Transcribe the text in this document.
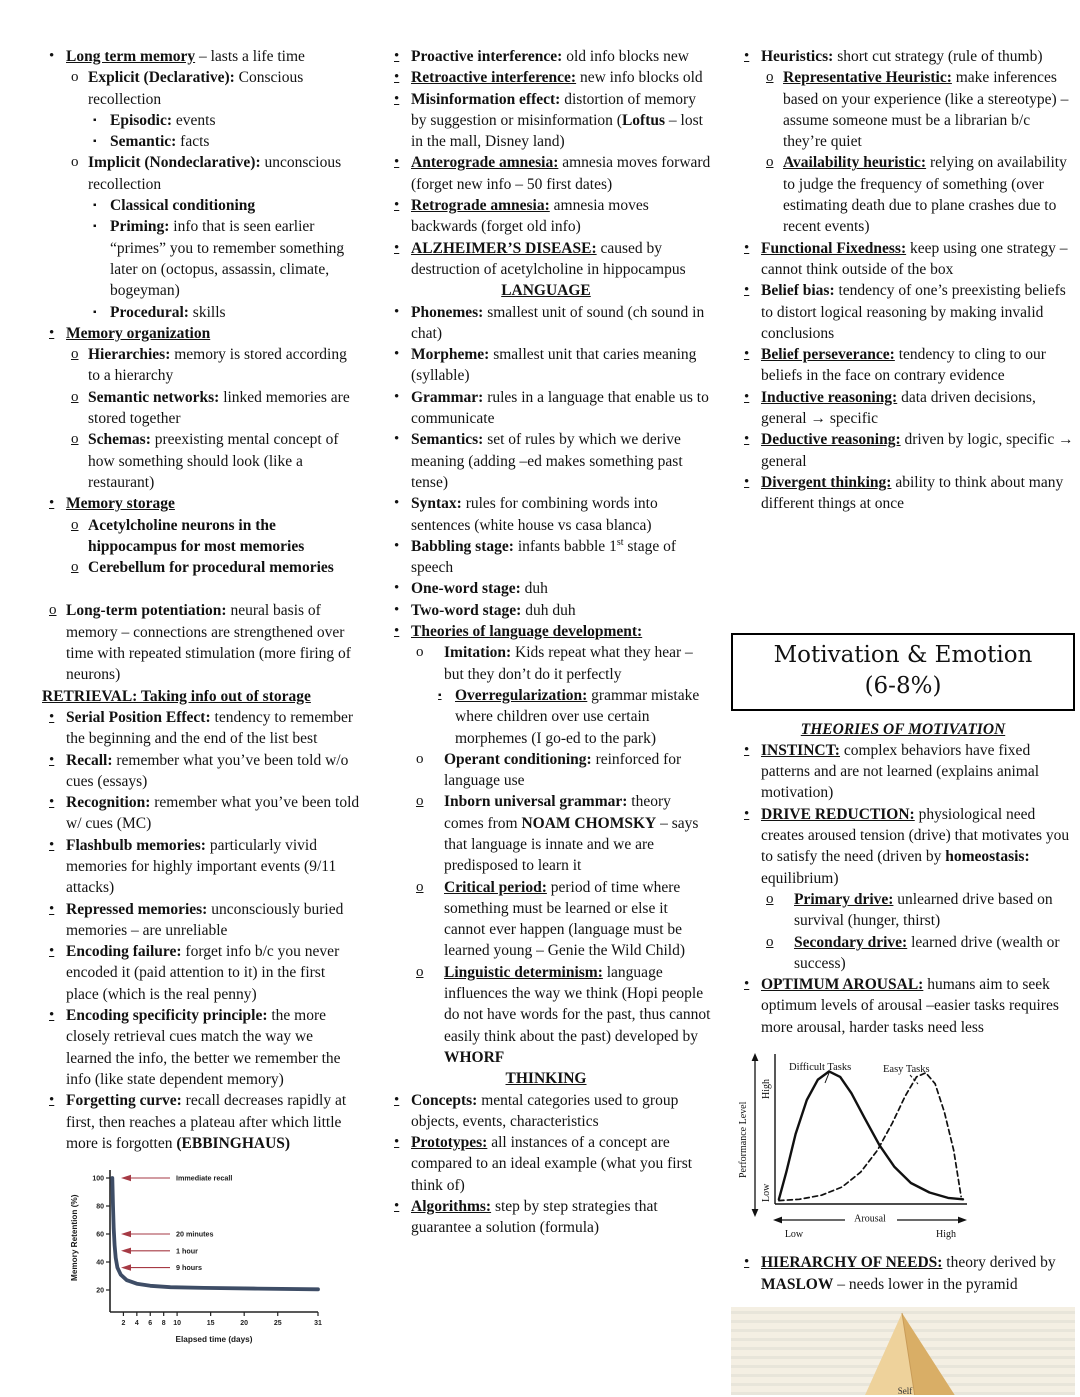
• Long term memory – lasts a life time
o Explicit (Declarative): Conscious recollection
▪ Episodic: events
▪ Semantic: facts
o Implicit (Nondeclarative): unconscious recollection
▪ Classical conditioning
▪ Priming: info that is seen earlier “primes” you to remember something later on (octopus, assassin, climate, bogeyman)
▪ Procedural: skills
• Memory organization
o Hierarchies: memory is stored according to a hierarchy
o Semantic networks: linked memories are stored together
o Schemas: preexisting mental concept of how something should look (like a restaurant)
• Memory storage
o Acetylcholine neurons in the hippocampus for most memories
o Cerebellum for procedural memories
o Long-term potentiation: neural basis of memory – connections are strengthened over time with repeated stimulation (more firing of neurons)
RETRIEVAL: Taking info out of storage
• Serial Position Effect: tendency to remember the beginning and the end of the list best
• Recall: remember what you’ve been told w/o cues (essays)
• Recognition: remember what you’ve been told w/ cues (MC)
• Flashbulb memories: particularly vivid memories for highly important events (9/11 attacks)
• Repressed memories: unconsciously buried memories – are unreliable
• Encoding failure: forget info b/c you never encoded it (paid attention to it) in the first place (which is the real penny)
• Encoding specificity principle: the more closely retrieval cues match the way we learned the info, the better we remember the info (like state dependent memory)
• Forgetting curve: recall decreases rapidly at first, then reaches a plateau after which little more is forgotten (EBBINGHAUS)
20
40
60
80
100
2 4 6 8 10	15	20	25	31
Immediate recall
20 minutes
1 hour
9 hours
Memory Retention (%)
Elapsed time (days)
• Proactive interference: old info blocks new
• Retroactive interference: new info blocks old
• Misinformation effect: distortion of memory by suggestion or misinformation (Loftus – lost in the mall, Disney land)
• Anterograde amnesia: amnesia moves forward (forget new info – 50 first dates)
• Retrograde amnesia: amnesia moves backwards (forget old info)
• ALZHEIMER’S DISEASE: caused by destruction of acetylcholine in hippocampus
LANGUAGE
• Phonemes: smallest unit of sound (ch sound in chat)
• Morpheme: smallest unit that caries meaning (syllable)
• Grammar: rules in a language that enable us to communicate
• Semantics: set of rules by which we derive meaning (adding –ed makes something past tense)
• Syntax: rules for combining words into sentences (white house vs casa blanca)
• Babbling stage: infants babble 1st stage of speech
• One-word stage: duh
• Two-word stage: duh duh
• Theories of language development:
o	Imitation: Kids repeat what they hear – but they don’t do it perfectly
▪ Overregularization: grammar mistake where children over use certain morphemes (I go-ed to the park)
o	Operant conditioning: reinforced for language use
o	Inborn universal grammar: theory comes from NOAM CHOMSKY – says that language is innate and we are predisposed to learn it
o	Critical period: period of time where something must be learned or else it cannot ever happen (language must be learned young – Genie the Wild Child)
o	Linguistic determinism: language influences the way we think (Hopi people do not have words for the past, thus cannot easily think about the past) developed by WHORF
THINKING
• Concepts: mental categories used to group objects, events, characteristics
• Prototypes: all instances of a concept are compared to an ideal example (what you first think of)
• Algorithms: step by step strategies that guarantee a solution (formula)
• Heuristics: short cut strategy (rule of thumb)
o Representative Heuristic: make inferences based on your experience (like a stereotype) – assume someone must be a librarian b/c they’re quiet
o Availability heuristic: relying on availability to judge the frequency of something (over estimating death due to plane crashes due to recent events)
• Functional Fixedness: keep using one strategy – cannot think outside of the box
• Belief bias: tendency of one’s preexisting beliefs to distort logical reasoning by making invalid conclusions
• Belief perseverance: tendency to cling to our beliefs in the face on contrary evidence
• Inductive reasoning: data driven decisions, general → specific
• Deductive reasoning: driven by logic, specific → general
• Divergent thinking: ability to think about many different things at once
Motivation & Emotion
(6-8%)
THEORIES OF MOTIVATION
• INSTINCT: complex behaviors have fixed patterns and are not learned (explains animal motivation)
• DRIVE REDUCTION: physiological need creates aroused tension (drive) that motivates you to satisfy the need (driven by homeostasis: equilibrium)
o	Primary drive: unlearned drive based on survival (hunger, thirst)
o	Secondary drive: learned drive (wealth or success)
• OPTIMUM AROUSAL: humans aim to seek optimum levels of arousal –easier tasks requires more arousal, harder tasks need less
Performance Level
High
Low
Difficult Tasks	Easy Tasks
Arousal
Low	High
• HIERARCHY OF NEEDS: theory derived by MASLOW – needs lower in the pyramid
Self
